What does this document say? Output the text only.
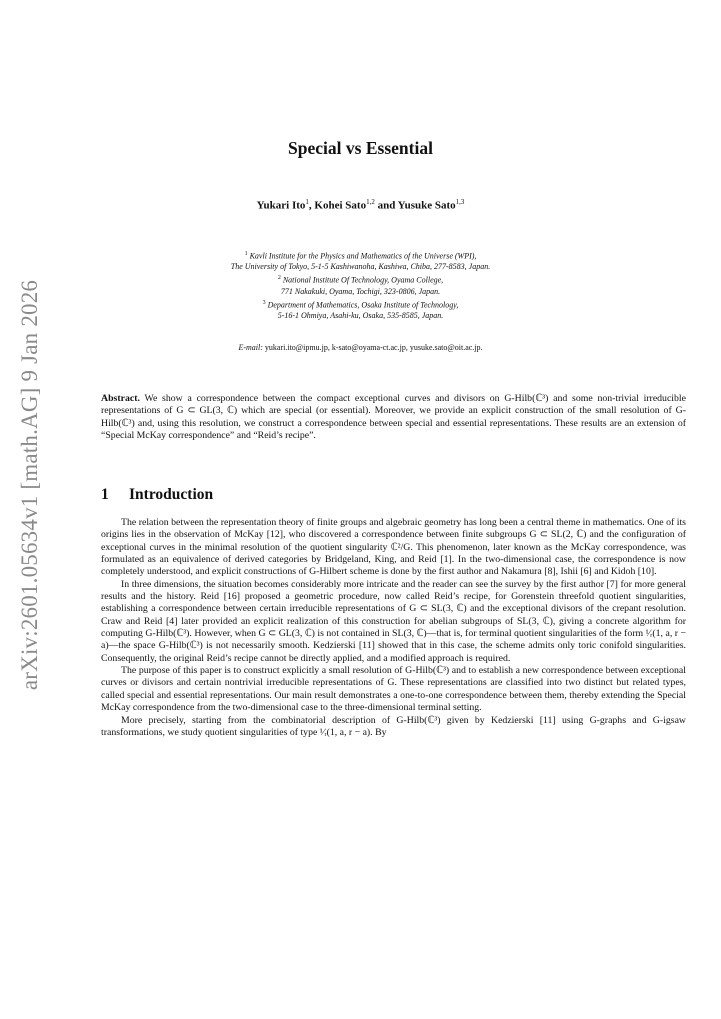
arXiv:2601.05634v1 [math.AG] 9 Jan 2026
Special vs Essential
Yukari Ito$^1$, Kohei Sato$^{1,2}$ and Yusuke Sato$^{1,3}$
$^1$ Kavli Institute for the Physics and Mathematics of the Universe (WPI),
The University of Tokyo, 5-1-5 Kashiwanoha, Kashiwa, Chiba, 277-8583, Japan.
$^2$ National Institute Of Technology, Oyama College,
771 Nakakuki, Oyama, Tochigi, 323-0806, Japan.
$^3$ Department of Mathematics, Osaka Institute of Technology,
5-16-1 Ohmiya, Asahi-ku, Osaka, 535-8585, Japan.
E-mail: yukari.ito@ipmu.jp, k-sato@oyama-ct.ac.jp, yusuke.sato@oit.ac.jp.
Abstract. We show a correspondence between the compact exceptional curves and divisors on G-Hilb(ℂ³) and some non-trivial irreducible representations of G ⊂ GL(3, ℂ) which are special (or essential). Moreover, we provide an explicit construction of the small resolution of G-Hilb(ℂ³) and, using this resolution, we construct a correspondence between special and essential representations. These results are an extension of “Special McKay correspondence” and “Reid’s recipe”.
1 Introduction

The relation between the representation theory of finite groups and algebraic geometry has long been a central theme in mathematics. One of its origins lies in the observation of McKay [12], who discovered a correspondence between finite subgroups G ⊂ SL(2, ℂ) and the configuration of exceptional curves in the minimal resolution of the quotient singularity ℂ²/G. This phenomenon, later known as the McKay correspondence, was formulated as an equivalence of derived categories by Bridgeland, King, and Reid [1]. In the two-dimensional case, the correspondence is now completely understood, and explicit constructions of G-Hilbert scheme is done by the first author and Nakamura [8], Ishii [6] and Kidoh [10].

In three dimensions, the situation becomes considerably more intricate and the reader can see the survey by the first author [7] for more general results and the history. Reid [16] proposed a geometric procedure, now called Reid’s recipe, for Gorenstein threefold quotient singularities, establishing a correspondence between certain irreducible representations of G ⊂ SL(3, ℂ) and the exceptional divisors of the crepant resolution. Craw and Reid [4] later provided an explicit realization of this construction for abelian subgroups of SL(3, ℂ), giving a concrete algorithm for computing G-Hilb(ℂ³). However, when G ⊂ GL(3, ℂ) is not contained in SL(3, ℂ)—that is, for terminal quotient singularities of the form ¹⁄ᵣ(1, a, r − a)—the space G-Hilb(ℂ³) is not necessarily smooth. Kedzierski [11] showed that in this case, the scheme admits only toric conifold singularities. Consequently, the original Reid’s recipe cannot be directly applied, and a modified approach is required.

The purpose of this paper is to construct explicitly a small resolution of G-Hilb(ℂ³) and to establish a new correspondence between exceptional curves or divisors and certain nontrivial irreducible representations of G. These representations are classified into two distinct but related types, called special and essential representations. Our main result demonstrates a one-to-one correspondence between them, thereby extending the Special McKay correspondence from the two-dimensional case to the three-dimensional terminal setting.

More precisely, starting from the combinatorial description of G-Hilb(ℂ³) given by Kedzierski [11] using G-graphs and G-igsaw transformations, we study quotient singularities of type ¹⁄ᵣ(1, a, r − a). By
